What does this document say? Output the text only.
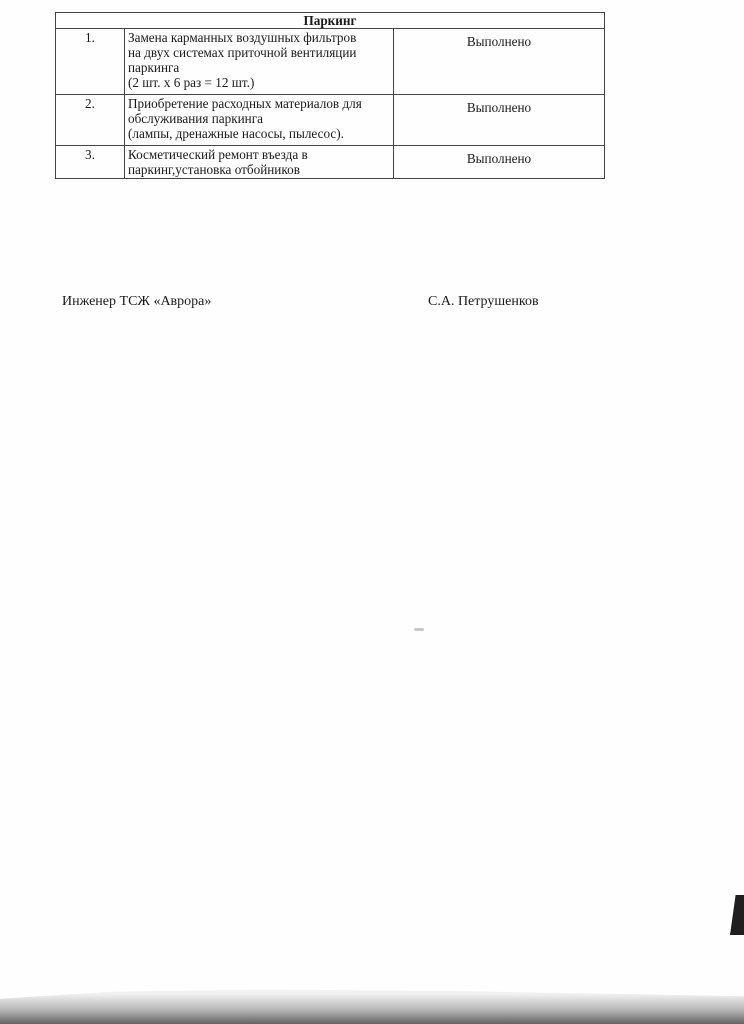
Паркинг		
1.	Замена карманных воздушных фильтров
на двух системах приточной вентиляции
паркинга
(2 шт. х 6 раз = 12 шт.)	Выполнено
2.	Приобретение расходных материалов для
обслуживания паркинга
(лампы, дренажные насосы, пылесос).	Выполнено
3.	Косметический ремонт въезда в
паркинг,установка отбойников	Выполнено
Инженер ТСЖ «Аврора»	С.А. Петрушенков
